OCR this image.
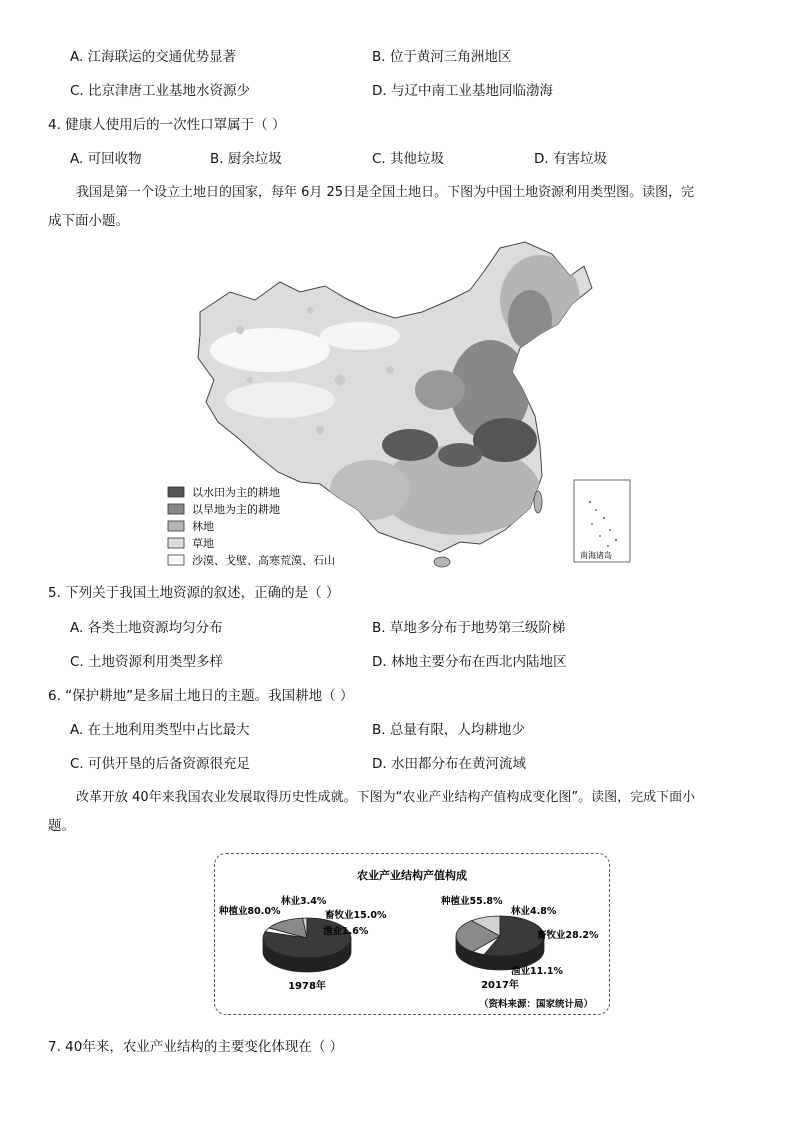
A. 江海联运的交通优势显著	B. 位于黄河三角洲地区
C. 比京津唐工业基地水资源少	D. 与辽中南工业基地同临渤海
4. 健康人使用后的一次性口罩属于（ ）
A. 可回收物	B. 厨余垃圾	C. 其他垃圾	D. 有害垃圾
我国是第一个设立土地日的国家，每年 6月 25日是全国土地日。下图为中国土地资源利用类型图。读图，完
成下面小题。
以水田为主的耕地
以旱地为主的耕地
林地
草地
沙漠、戈壁、高寒荒漠、石山	南海诸岛
5. 下列关于我国土地资源的叙述，正确的是（ ）
A. 各类土地资源均匀分布	B. 草地多分布于地势第三级阶梯
C. 土地资源利用类型多样	D. 林地主要分布在西北内陆地区
6. “保护耕地”是多届土地日的主题。我国耕地（ ）
A. 在土地利用类型中占比最大	B. 总量有限，人均耕地少
C. 可供开垦的后备资源很充足	D. 水田都分布在黄河流域
改革开放 40年来我国农业发展取得历史性成就。下图为“农业产业结构产值构成变化图”。读图，完成下面小
题。
农业产业结构产值构成
种植业80.0%
林业3.4%
畜牧业15.0%
渔业1.6%
种植业55.8%
林业4.8%
畜牧业28.2%
渔业11.1%
1978年	2017年
（资料来源：国家统计局）
7. 40年来，农业产业结构的主要变化体现在（ ）
